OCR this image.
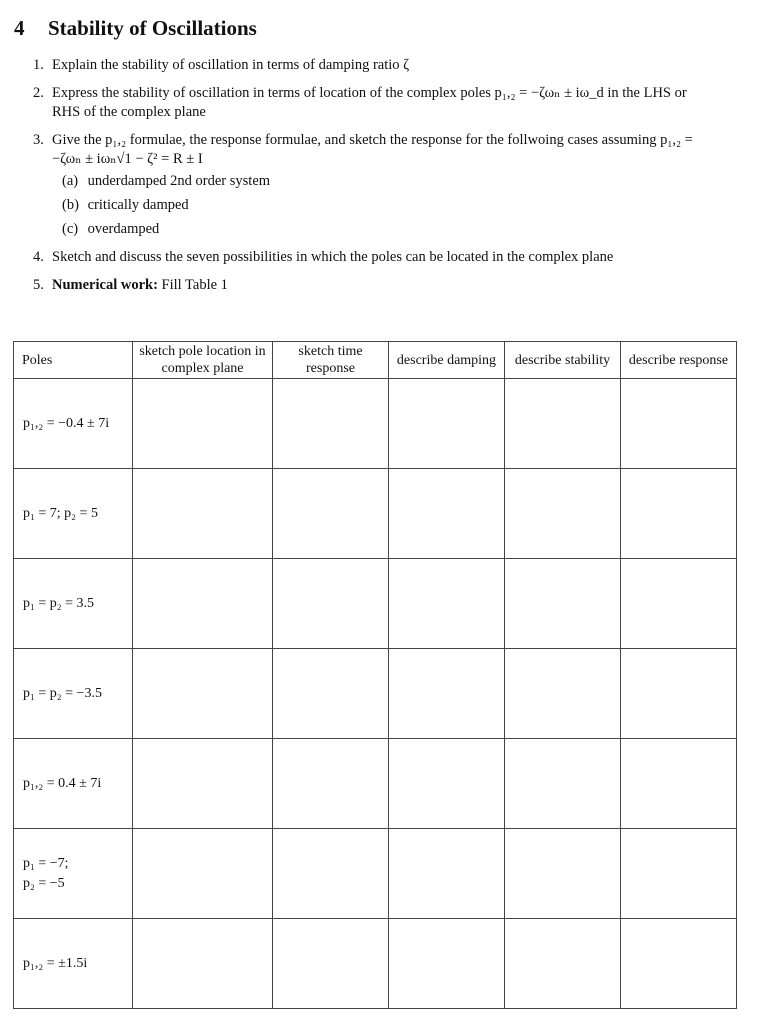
4 Stability of Oscillations
1. Explain the stability of oscillation in terms of damping ratio ζ
2. Express the stability of oscillation in terms of location of the complex poles p₁,₂ = −ζωₙ ± iω_d in the LHS or
RHS of the complex plane
3. Give the p₁,₂ formulae, the response formulae, and sketch the response for the follwoing cases assuming p₁,₂ =
−ζωₙ ± iωₙ√1 − ζ² = R ± I
(a) underdamped 2nd order system
(b) critically damped
(c) overdamped
4. Sketch and discuss the seven possibilities in which the poles can be located in the complex plane
5. Numerical work: Fill Table 1
Poles	sketch pole location in complex plane	sketch time response	describe damping	describe stability	describe response
p₁,₂ = −0.4 ± 7i					
p₁ = 7; p₂ = 5					
p₁ = p₂ = 3.5					
p₁ = p₂ = −3.5					
p₁,₂ = 0.4 ± 7i					
p₁ = −7;
p₂ = −5					
p₁,₂ = ±1.5i					
